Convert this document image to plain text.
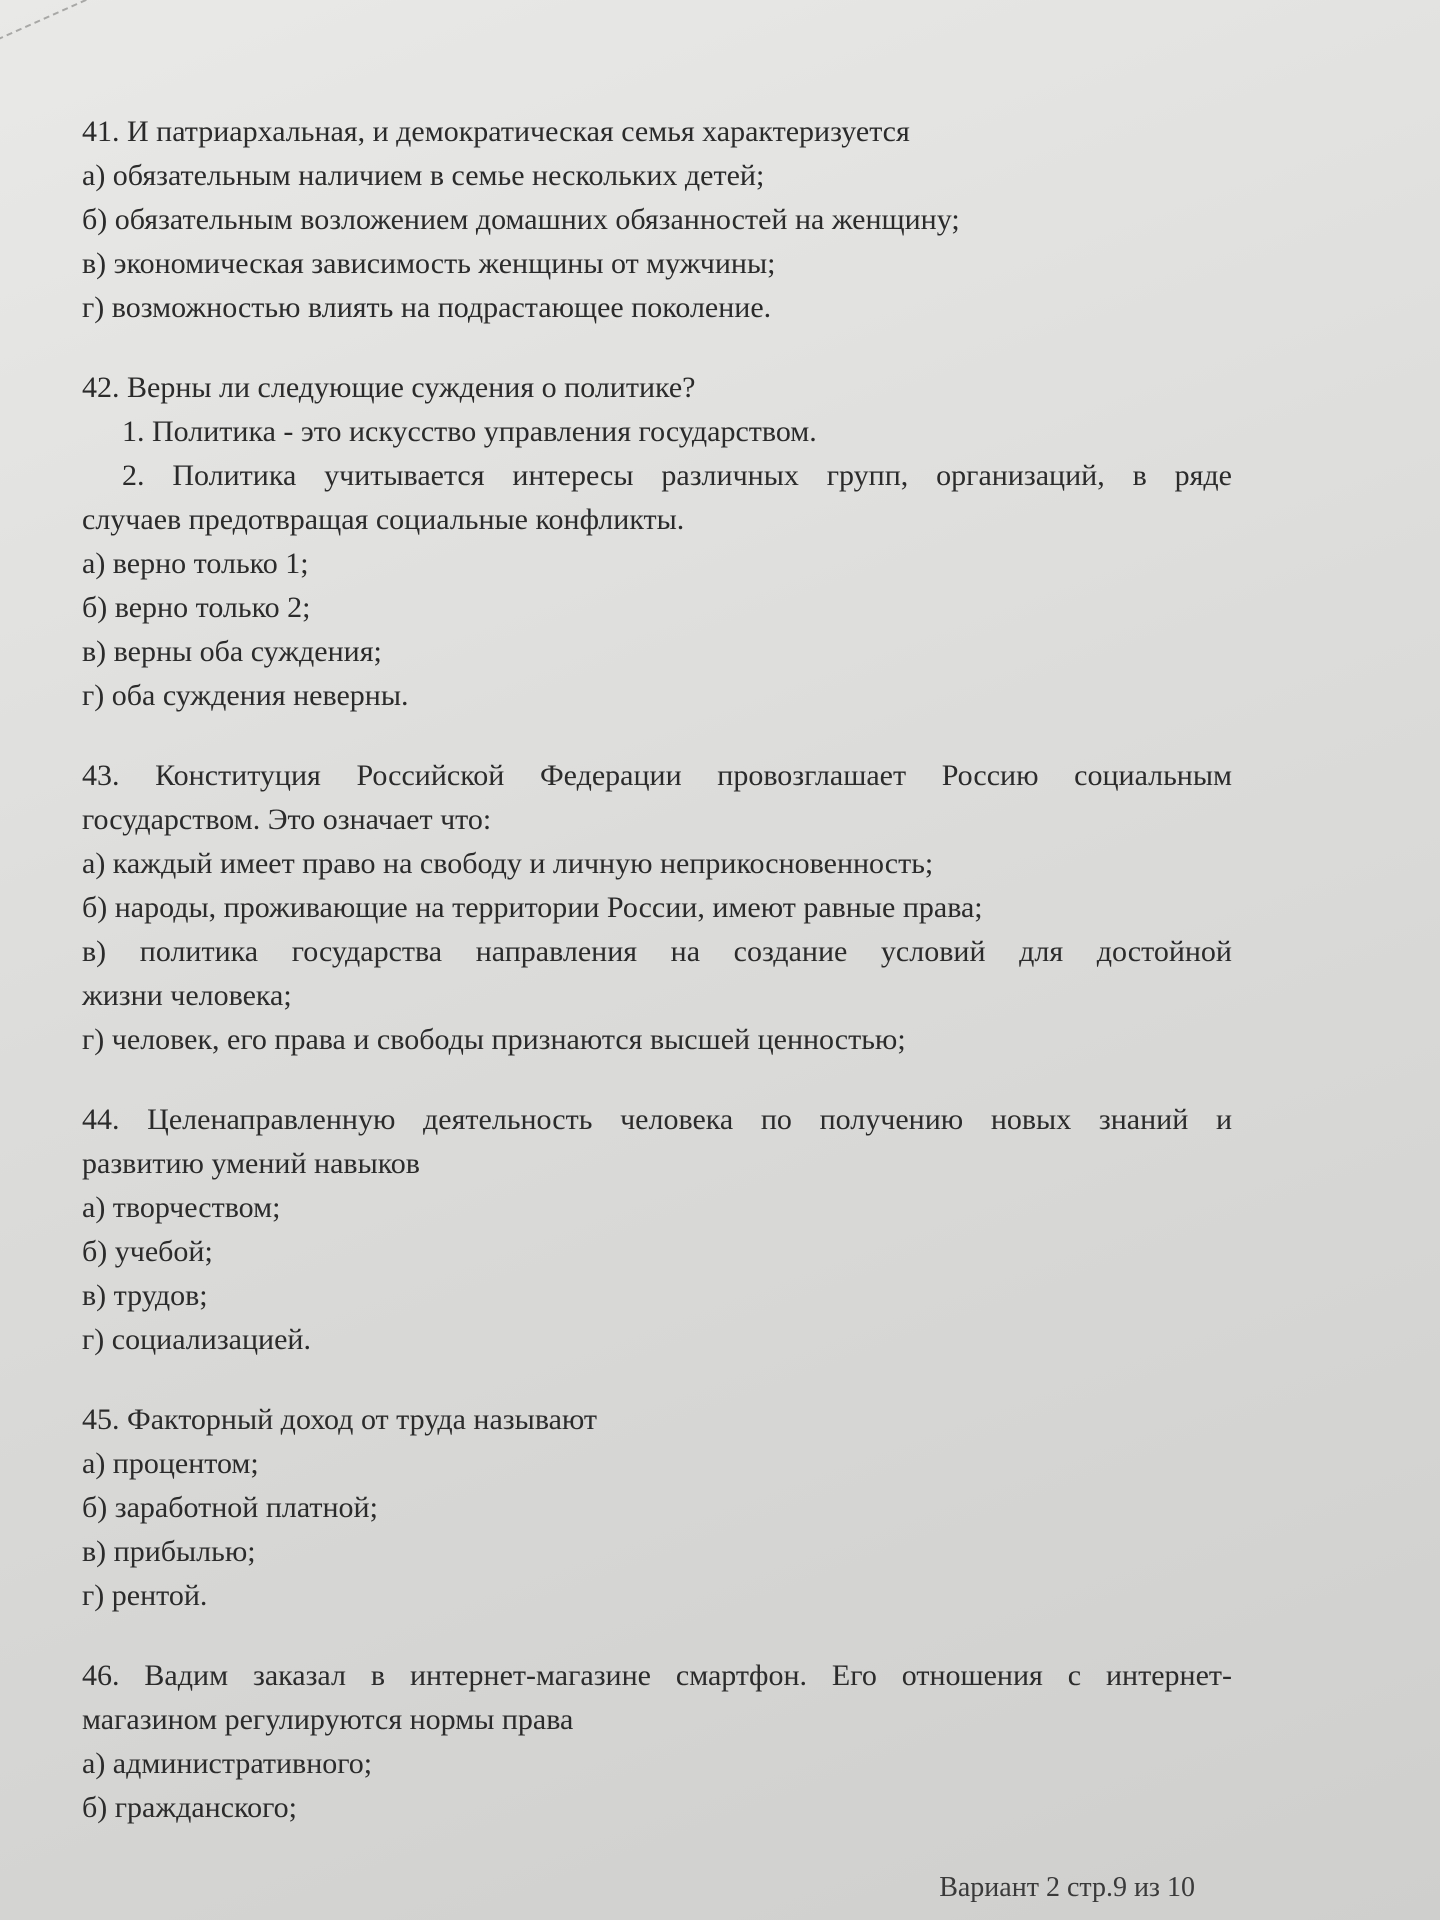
41. И патриархальная, и демократическая семья характеризуется

а) обязательным наличием в семье нескольких детей;

б) обязательным возложением домашних обязанностей на женщину;

в) экономическая зависимость женщины от мужчины;

г) возможностью влиять на подрастающее поколение.

42. Верны ли следующие суждения о политике?

1. Политика - это искусство управления государством.

2. Политика учитывается интересы различных групп, организаций, в ряде

случаев предотвращая социальные конфликты.

а) верно только 1;

б) верно только 2;

в) верны оба суждения;

г) оба суждения неверны.

43. Конституция Российской Федерации провозглашает Россию социальным

государством. Это означает что:

а) каждый имеет право на свободу и личную неприкосновенность;

б) народы, проживающие на территории России, имеют равные права;

в) политика государства направления на создание условий для достойной

жизни человека;

г) человек, его права и свободы признаются высшей ценностью;

44. Целенаправленную деятельность человека по получению новых знаний и

развитию умений навыков

а) творчеством;

б) учебой;

в) трудов;

г) социализацией.

45. Факторный доход от труда называют

а) процентом;

б) заработной платной;

в) прибылью;

г) рентой.

46. Вадим заказал в интернет-магазине смартфон. Его отношения с интернет-

магазином регулируются нормы права

а) административного;

б) гражданского;

Вариант 2 стр.9 из 10
